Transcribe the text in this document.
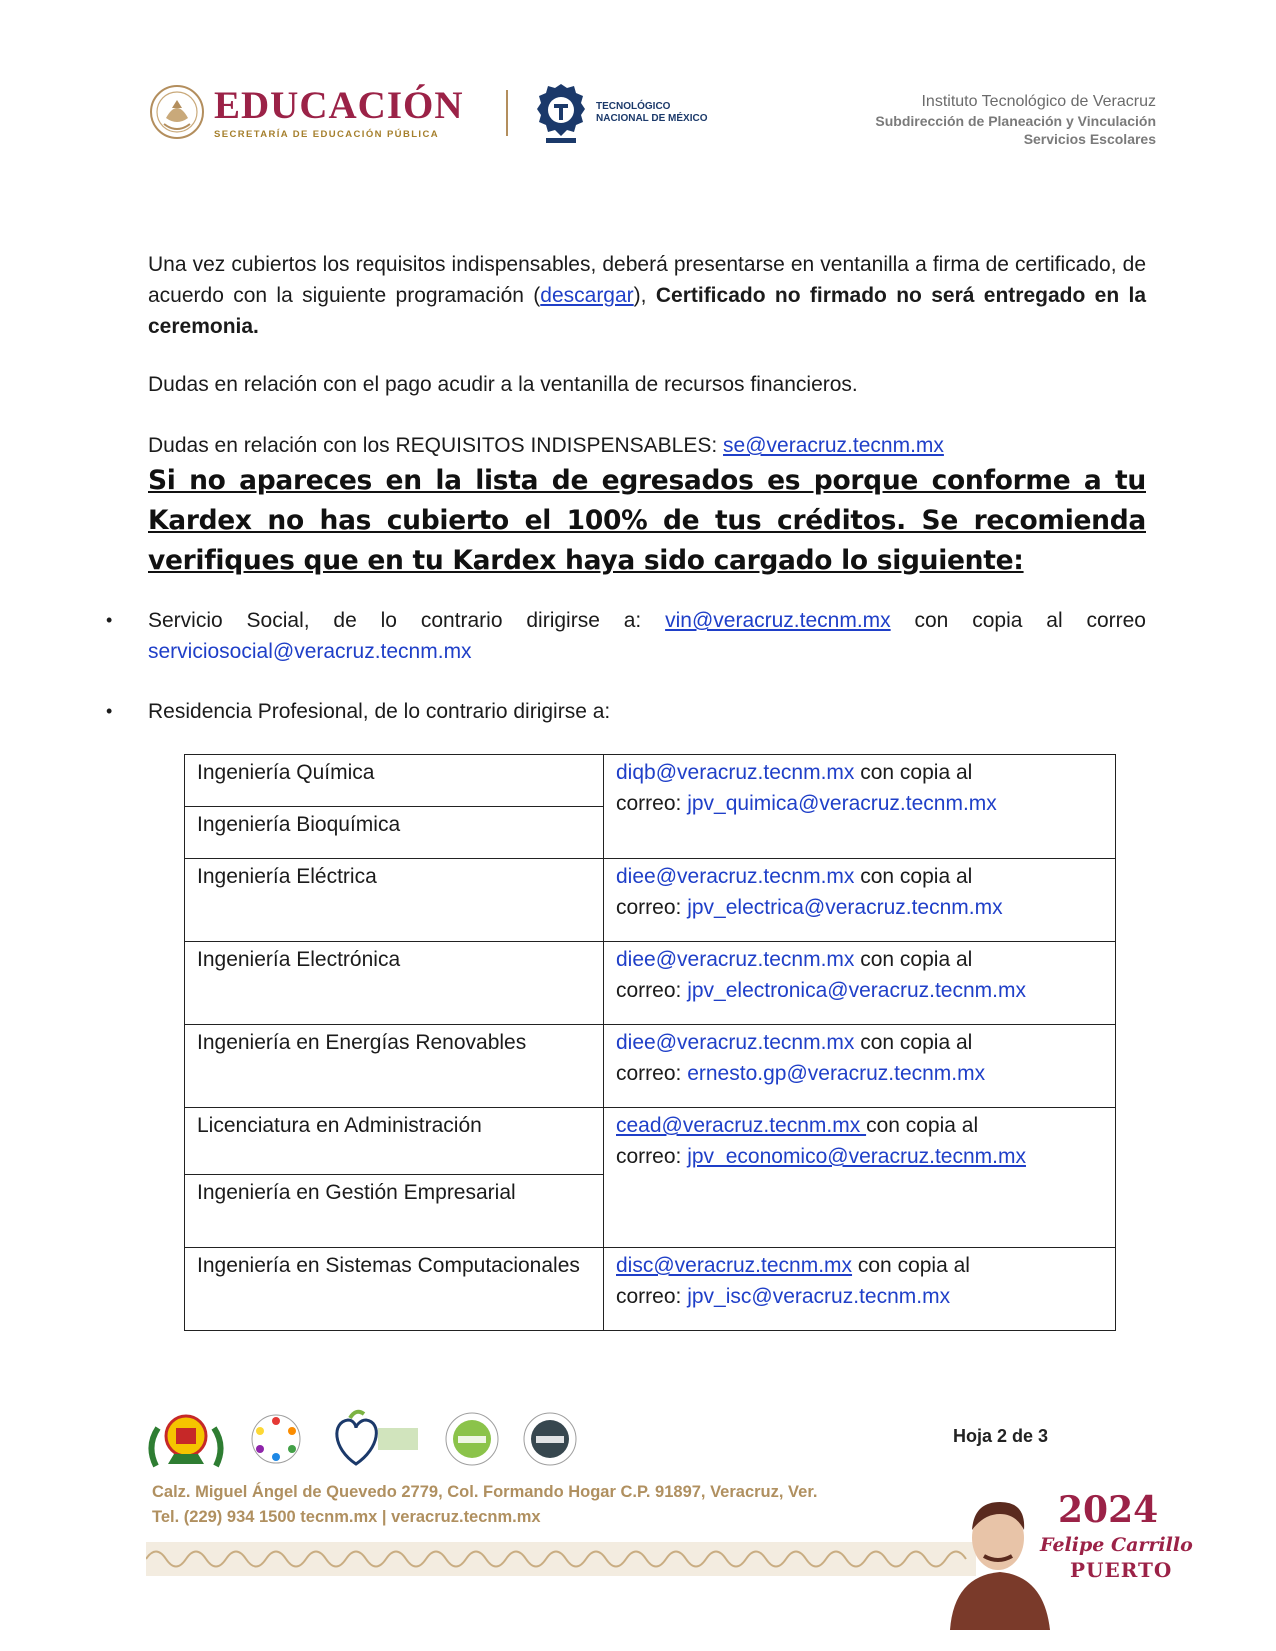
EDUCACIÓN
SECRETARÍA DE EDUCACIÓN PÚBLICA
TECNOLÓGICO
NACIONAL DE MÉXICO
Instituto Tecnológico de Veracruz
Subdirección de Planeación y Vinculación
Servicios Escolares
Una vez cubiertos los requisitos indispensables, deberá presentarse en ventanilla a firma de certificado, de acuerdo con la siguiente programación (descargar), Certificado no firmado no será entregado en la ceremonia.
Dudas en relación con el pago acudir a la ventanilla de recursos financieros.
Dudas en relación con los REQUISITOS INDISPENSABLES: se@veracruz.tecnm.mx
Si no apareces en la lista de egresados es porque conforme a tu Kardex no has cubierto el 100% de tus créditos. Se recomienda verifiques que en tu Kardex haya sido cargado lo siguiente:
• Servicio Social, de lo contrario dirigirse a: vin@veracruz.tecnm.mx con copia al correo serviciosocial@veracruz.tecnm.mx
• Residencia Profesional, de lo contrario dirigirse a:
Ingeniería Química	diqb@veracruz.tecnm.mx con copia al
correo: jpv_quimica@veracruz.tecnm.mx
Ingeniería Bioquímica	
Ingeniería Eléctrica	diee@veracruz.tecnm.mx con copia al
correo: jpv_electrica@veracruz.tecnm.mx
Ingeniería Electrónica	diee@veracruz.tecnm.mx con copia al
correo: jpv_electronica@veracruz.tecnm.mx
Ingeniería en Energías Renovables	diee@veracruz.tecnm.mx con copia al
correo: ernesto.gp@veracruz.tecnm.mx
Licenciatura en Administración	cead@veracruz.tecnm.mx con copia al
correo: jpv_economico@veracruz.tecnm.mx
Ingeniería en Gestión Empresarial	
Ingeniería en Sistemas Computacionales	disc@veracruz.tecnm.mx con copia al
correo: jpv_isc@veracruz.tecnm.mx
Hoja 2 de 3
Calz. Miguel Ángel de Quevedo 2779, Col. Formando Hogar C.P. 91897, Veracruz, Ver.
Tel. (229) 934 1500 tecnm.mx | veracruz.tecnm.mx	2024
Felipe Carrillo
PUERTO
